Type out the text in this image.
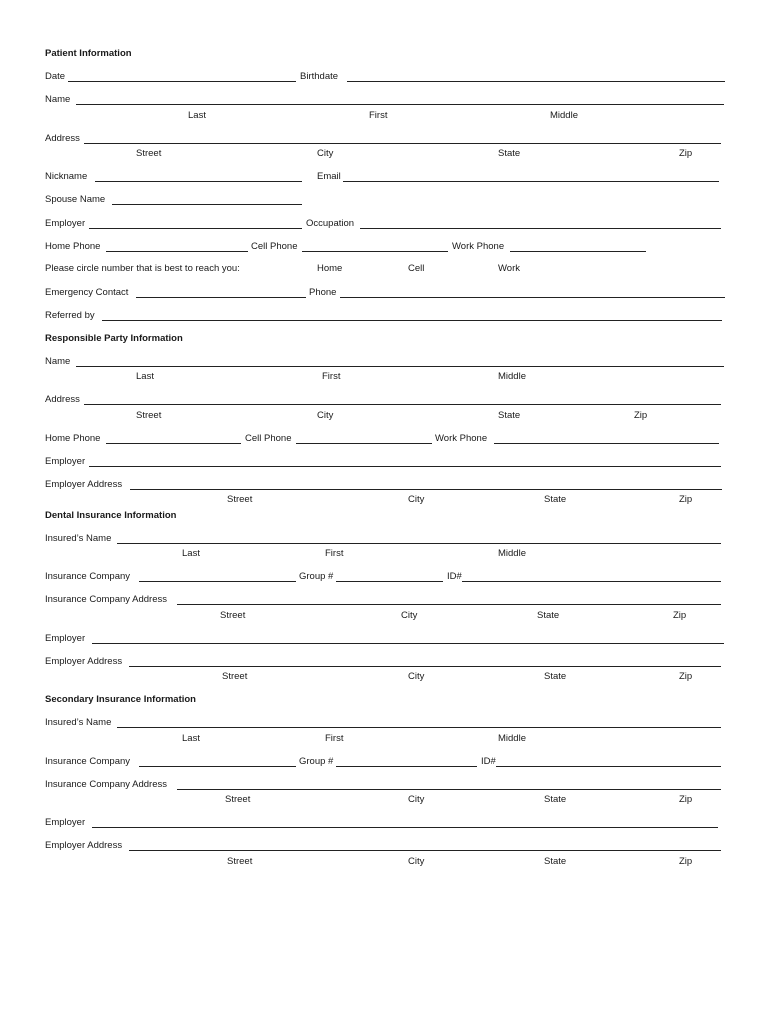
Patient Information
Date	Birthdate
Name
Last	First	Middle
Address
Street	City	State	Zip
Nickname	Email
Spouse Name
Employer	Occupation
Home Phone	Cell Phone	Work Phone
Please circle number that is best to reach you:	Home	Cell	Work
Emergency Contact	Phone
Referred by
Responsible Party Information
Name
Last	First	Middle
Address
Street	City	State	Zip
Home Phone	Cell Phone	Work Phone
Employer
Employer Address
Street	City	State	Zip
Dental Insurance Information
Insured’s Name
Last	First	Middle
Insurance Company	Group #	ID#
Insurance Company Address
Street	City	State	Zip
Employer
Employer Address
Street	City	State	Zip
Secondary Insurance Information
Insured’s Name
Last	First	Middle
Insurance Company	Group #	ID#
Insurance Company Address
Street	City	State	Zip
Employer
Employer Address
Street	City	State	Zip
